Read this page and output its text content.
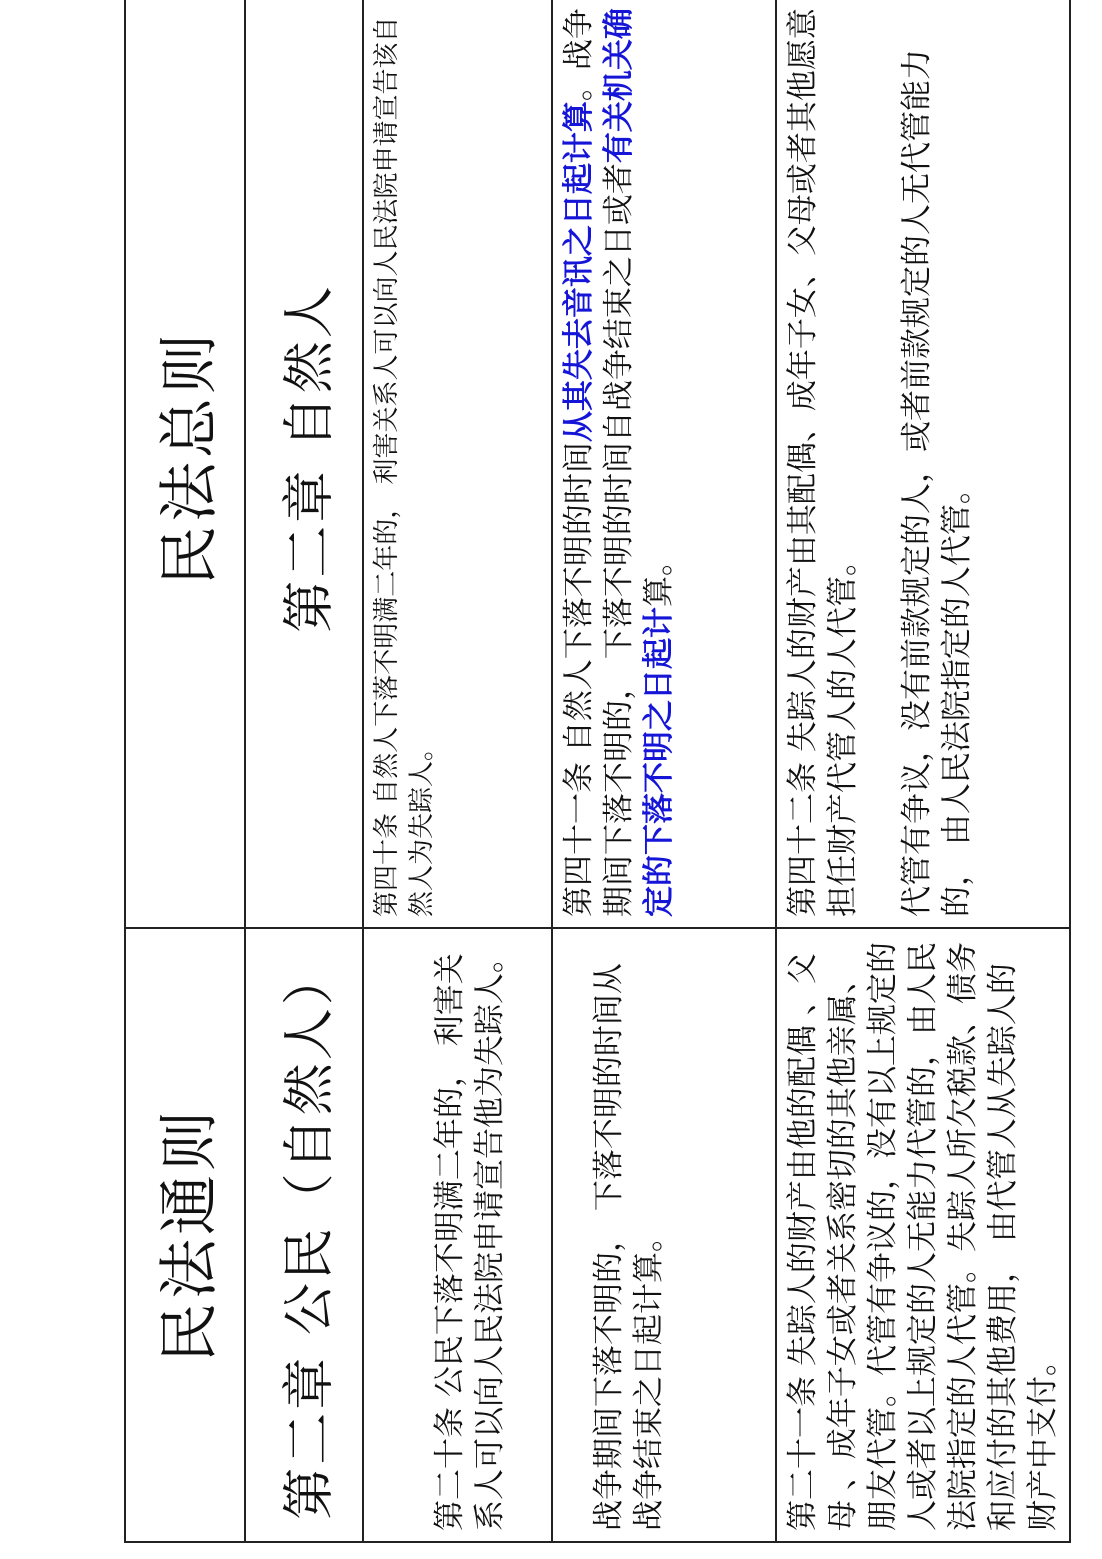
民法通则	民法总则
第二章 公民（自然人）	第二章 自然人

第二十条 公民下落不明满二年的， 利害关系人可以向人民法院申请宣告他为失踪人。	第四十条 自然人下落不明满二年的， 利害关系人可以向人民法院申请宣告该自然人为失踪人。

战争期间下落不明的， 下落不明的时间从战争结束之日起计算。	第四十一条 自然人下落不明的时间从其失去音讯之日起计算。战争期间下落不明的， 下落不明的时间自战争结束之日或者有关机关确定的下落不明之日起计算。

第二十一条 失踪人的财产由他的配偶 、父母 、成年子女或者关系密切的其他亲属、朋友代管。代管有争议的，没有以上规定的人或者以上规定的人无能力代管的，由人民法院指定的人代管。失踪人所欠税款、债务和应付的其他费用， 由代管人从失踪人的财产中支付。	第四十二条 失踪人的财产由其配偶、成年子女、父母或者其他愿意担任财产代管人的人代管。 代管有争议，没有前款规定的人，或者前款规定的人无代管能力的， 由人民法院指定的人代管。
